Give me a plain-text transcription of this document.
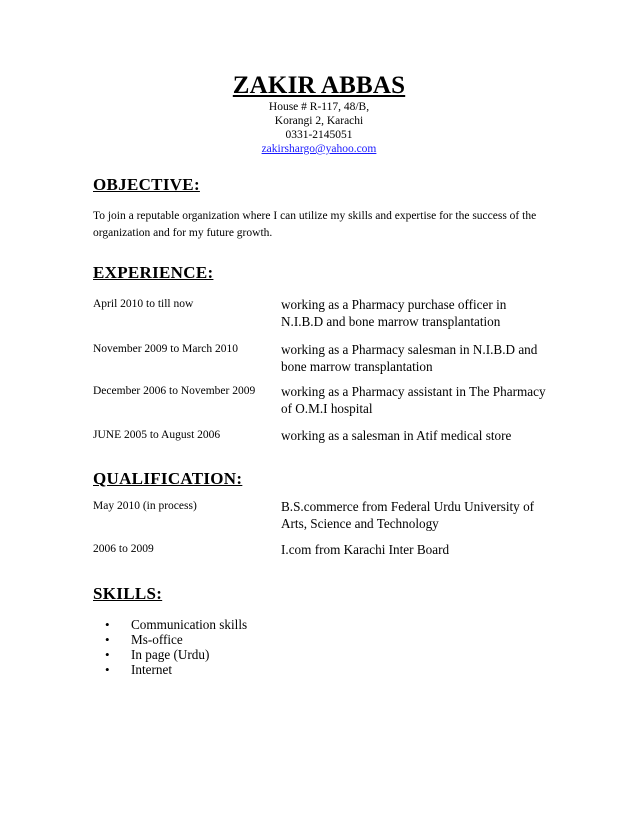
ZAKIR ABBAS
House # R-117, 48/B,
Korangi 2, Karachi
0331-2145051
zakirshargo@yahoo.com
OBJECTIVE:
To join a reputable organization where I can utilize my skills and expertise for the success of the organization and for my future growth.
EXPERIENCE:
April 2010 to till now	working as a Pharmacy purchase officer in N.I.B.D and bone marrow transplantation
November 2009 to March 2010	working as a Pharmacy salesman in N.I.B.D and bone marrow transplantation
December 2006 to November 2009 working as a Pharmacy assistant in The Pharmacy of O.M.I hospital
JUNE 2005 to August 2006	working as a salesman in Atif medical store
QUALIFICATION:
May 2010 (in process)	B.S.commerce from Federal Urdu University of Arts, Science and Technology
2006 to 2009	I.com from Karachi Inter Board
SKILLS:
• Communication skills
• Ms-office
• In page (Urdu)
• Internet
